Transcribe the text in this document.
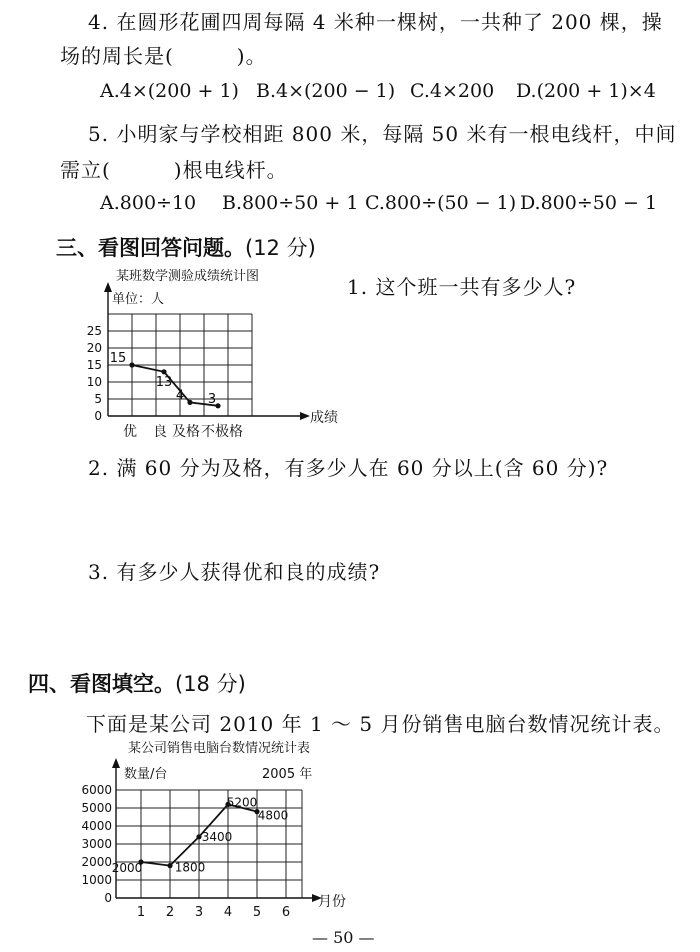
4. 在圆形花圃四周每隔 4 米种一棵树，一共种了 200 棵，操
场的周长是(　　　)。
A.4×(200 + 1) B.4×(200 − 1) C.4×200 D.(200 + 1)×4
5. 小明家与学校相距 800 米，每隔 50 米有一根电线杆，中间
需立(　　　)根电线杆。
A.800÷10 B.800÷50 + 1 C.800÷(50 − 1) D.800÷50 − 1
三、看图回答问题。(12 分)
1. 这个班一共有多少人?
某班数学测验成绩统计图
单位：人
0
5
10
15
20
25
成绩
优 良 及格 不极格
15
13
4 3
2. 满 60 分为及格，有多少人在 60 分以上(含 60 分)?
3. 有多少人获得优和良的成绩?
四、看图填空。(18 分)
下面是某公司 2010 年 1 ～ 5 月份销售电脑台数情况统计表。
某公司销售电脑台数情况统计表
数量/台	2005 年
0
1000
2000
3000
4000
5000
6000
月份
1 2 3 4 5 6
2000	1800
3400
5200
4800
— 50 —
